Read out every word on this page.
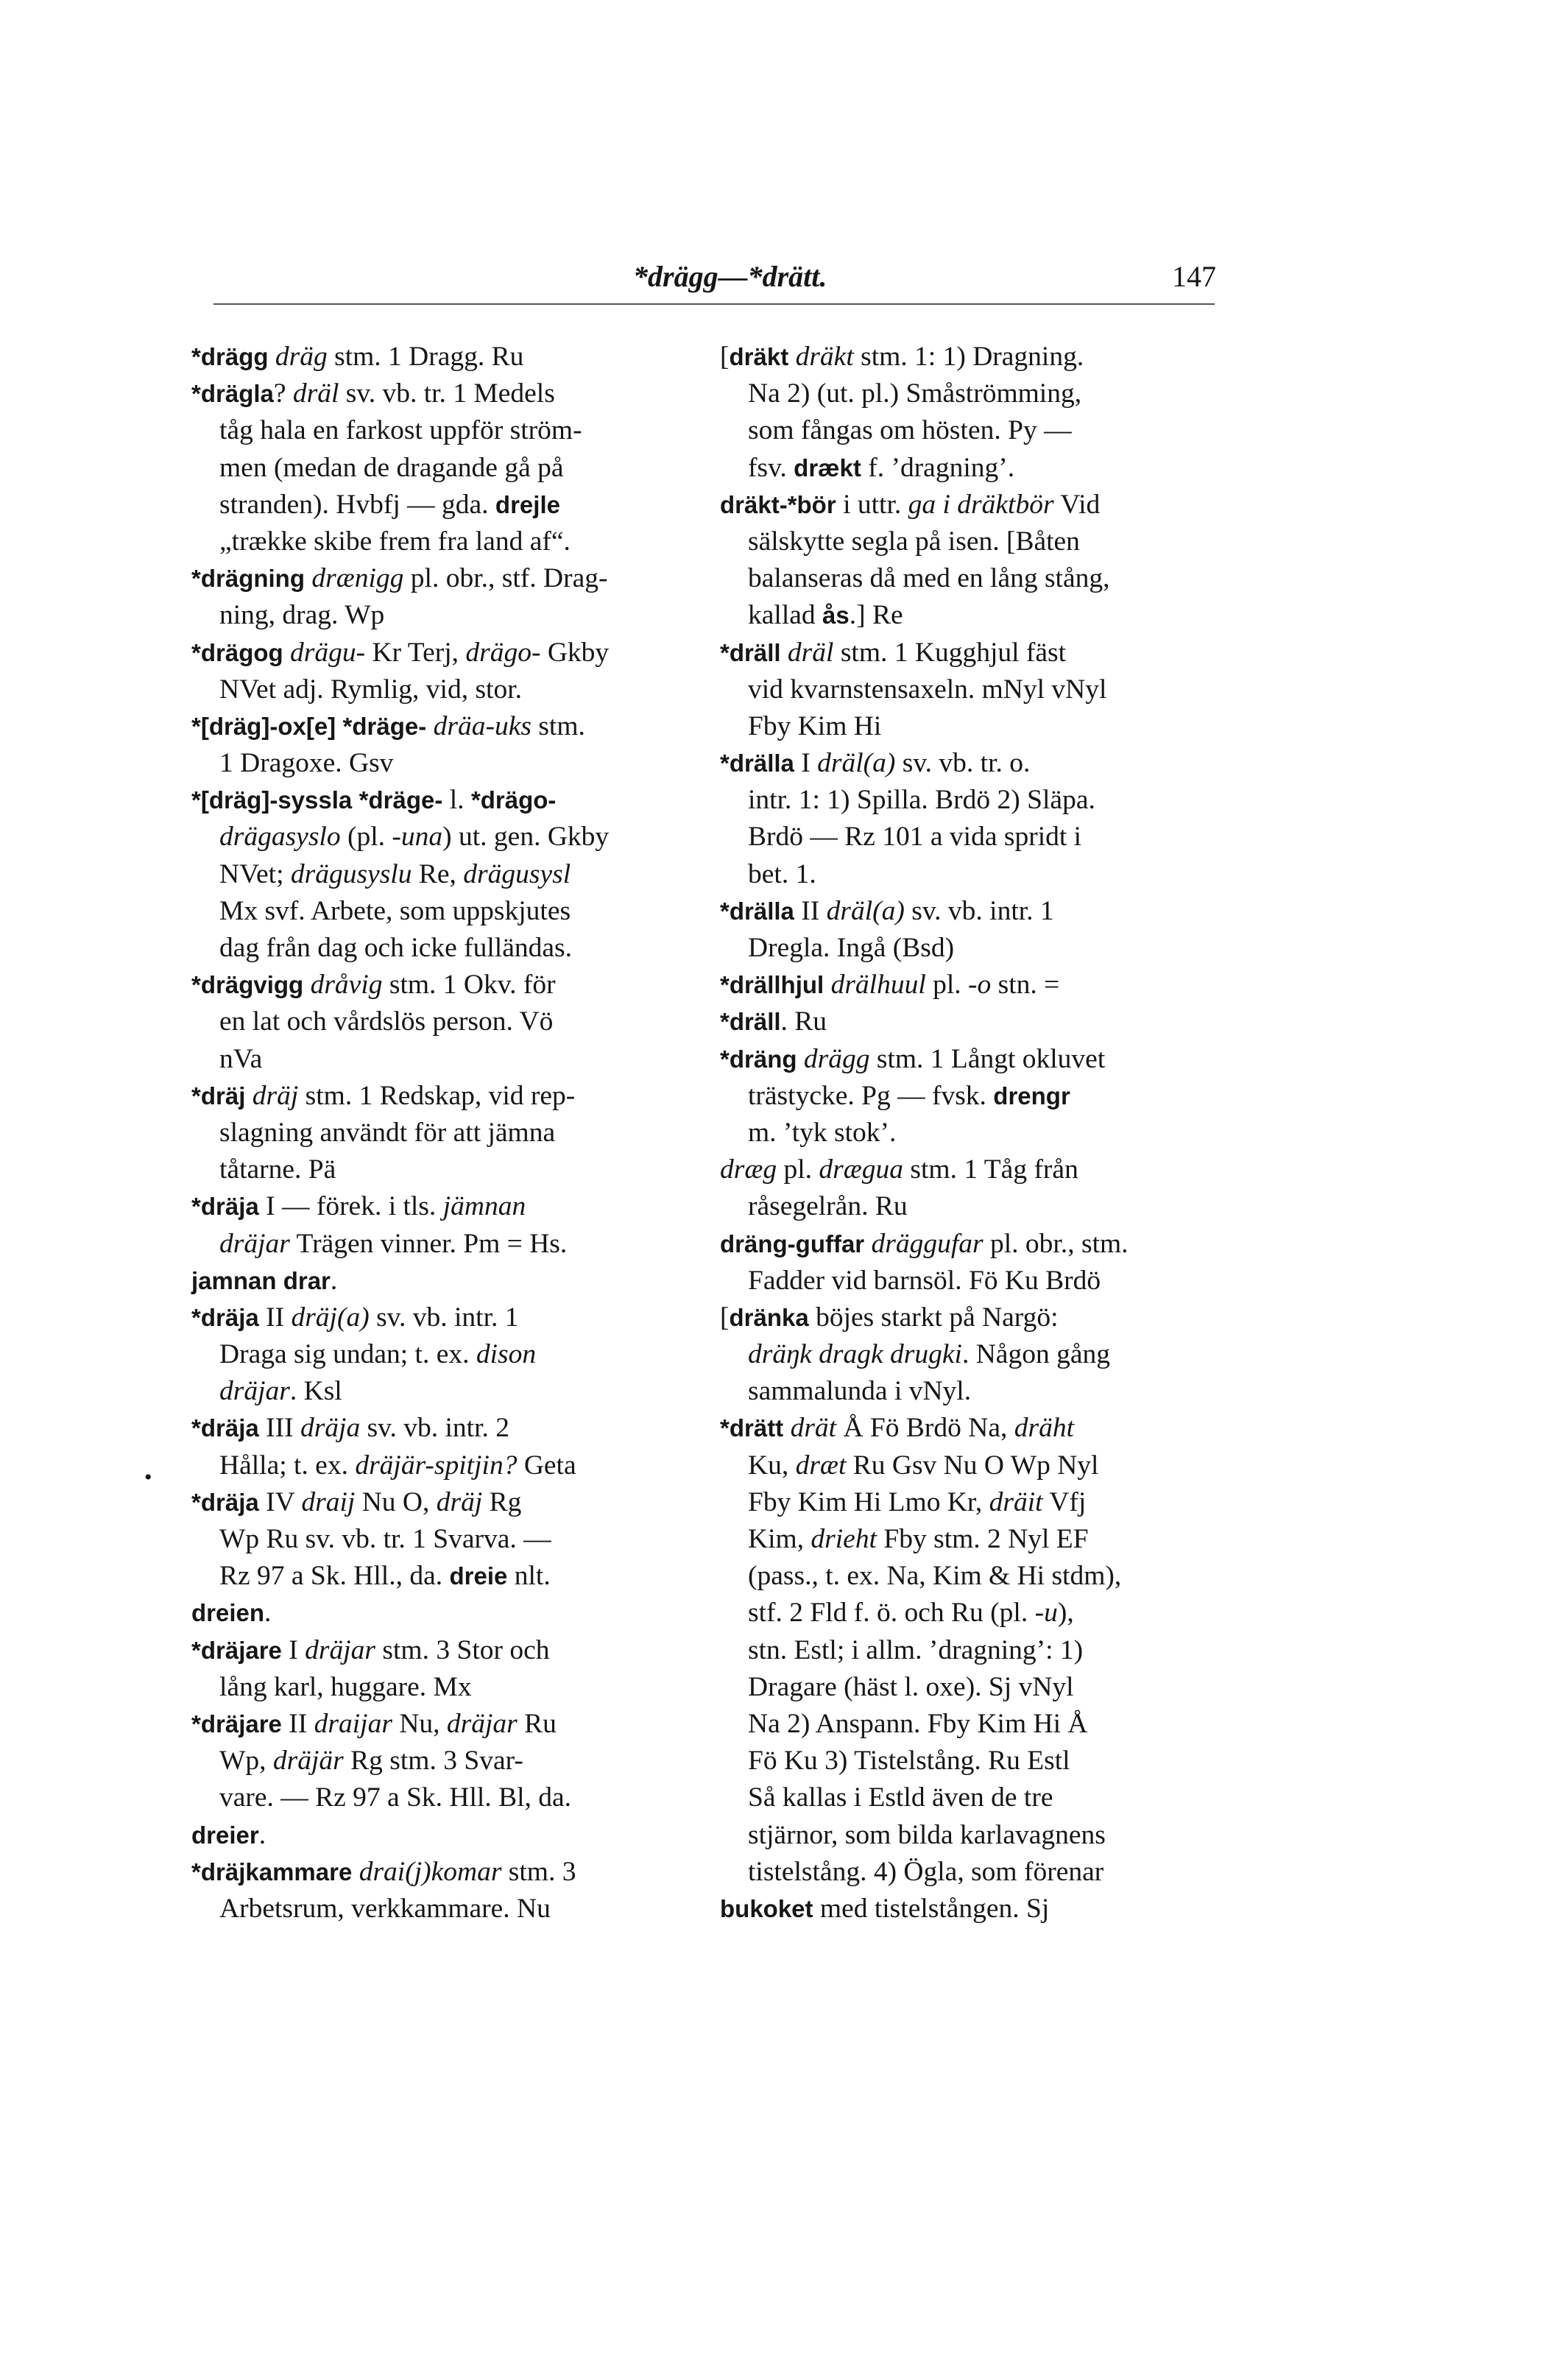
*drägg—*drätt.	147
*drägg dräg stm. 1 Dragg. Ru
*drägla? dräl sv. vb. tr. 1 Medels
tåg hala en farkost uppför ström-
men (medan de dragande gå på
stranden). Hvbfj — gda. drejle
„trække skibe frem fra land af“.
*drägning drænigg pl. obr., stf. Drag-
ning, drag. Wp
*drägog drägu- Kr Terj, drägo- Gkby
NVet adj. Rymlig, vid, stor.
*[dräg]-ox[e] *dräge- dräa-uks stm.
1 Dragoxe. Gsv
*[dräg]-syssla *dräge- l. *drägo-
drägasyslo (pl. -una) ut. gen. Gkby
NVet; drägusyslu Re, drägusysl
Mx svf. Arbete, som uppskjutes
dag från dag och icke fulländas.
*drägvigg dråvig stm. 1 Okv. för
en lat och vårdslös person. Vö
nVa
*dräj dräj stm. 1 Redskap, vid rep-
slagning användt för att jämna
tåtarne. Pä
*dräja I — förek. i tls. jämnan
dräjar Trägen vinner. Pm = Hs.
jamnan drar.
*dräja II dräj(a) sv. vb. intr. 1
Draga sig undan; t. ex. dison
dräjar. Ksl
*dräja III dräja sv. vb. intr. 2
Hålla; t. ex. dräjär-spitjin? Geta
*dräja IV draij Nu O, dräj Rg
Wp Ru sv. vb. tr. 1 Svarva. —
Rz 97 a Sk. Hll., da. dreie nlt.
dreien.
*dräjare I dräjar stm. 3 Stor och
lång karl, huggare. Mx
*dräjare II draijar Nu, dräjar Ru
Wp, dräjär Rg stm. 3 Svar-
vare. — Rz 97 a Sk. Hll. Bl, da.
dreier.
*dräjkammare drai(j)komar stm. 3
Arbetsrum, verkkammare. Nu
[dräkt dräkt stm. 1: 1) Dragning.
Na 2) (ut. pl.) Småströmming,
som fångas om hösten. Py —
fsv. drækt f. ’dragning’.
dräkt-*bör i uttr. ga i dräktbör Vid
sälskytte segla på isen. [Båten
balanseras då med en lång stång,
kallad ås.] Re
*dräll dräl stm. 1 Kugghjul fäst
vid kvarnstensaxeln. mNyl vNyl
Fby Kim Hi
*drälla I dräl(a) sv. vb. tr. o.
intr. 1: 1) Spilla. Brdö 2) Släpa.
Brdö — Rz 101 a vida spridt i
bet. 1.
*drälla II dräl(a) sv. vb. intr. 1
Dregla. Ingå (Bsd)
*drällhjul drälhuul pl. -o stn. =
*dräll. Ru
*dräng drägg stm. 1 Långt okluvet
trästycke. Pg — fvsk. drengr
m. ’tyk stok’.
dræg pl. drægua stm. 1 Tåg från
råsegelrån. Ru
dräng-guffar dräggufar pl. obr., stm.
Fadder vid barnsöl. Fö Ku Brdö
[dränka böjes starkt på Nargö:
dräŋk dragk drugki. Någon gång
sammalunda i vNyl.
*drätt drät Å Fö Brdö Na, dräht
Ku, dræt Ru Gsv Nu O Wp Nyl
Fby Kim Hi Lmo Kr, dräit Vfj
Kim, drieht Fby stm. 2 Nyl EF
(pass., t. ex. Na, Kim & Hi stdm),
stf. 2 Fld f. ö. och Ru (pl. -u),
stn. Estl; i allm. ’dragning’: 1)
Dragare (häst l. oxe). Sj vNyl
Na 2) Anspann. Fby Kim Hi Å
Fö Ku 3) Tistelstång. Ru Estl
Så kallas i Estld även de tre
stjärnor, som bilda karlavagnens
tistelstång. 4) Ögla, som förenar
bukoket med tistelstången. Sj
•
